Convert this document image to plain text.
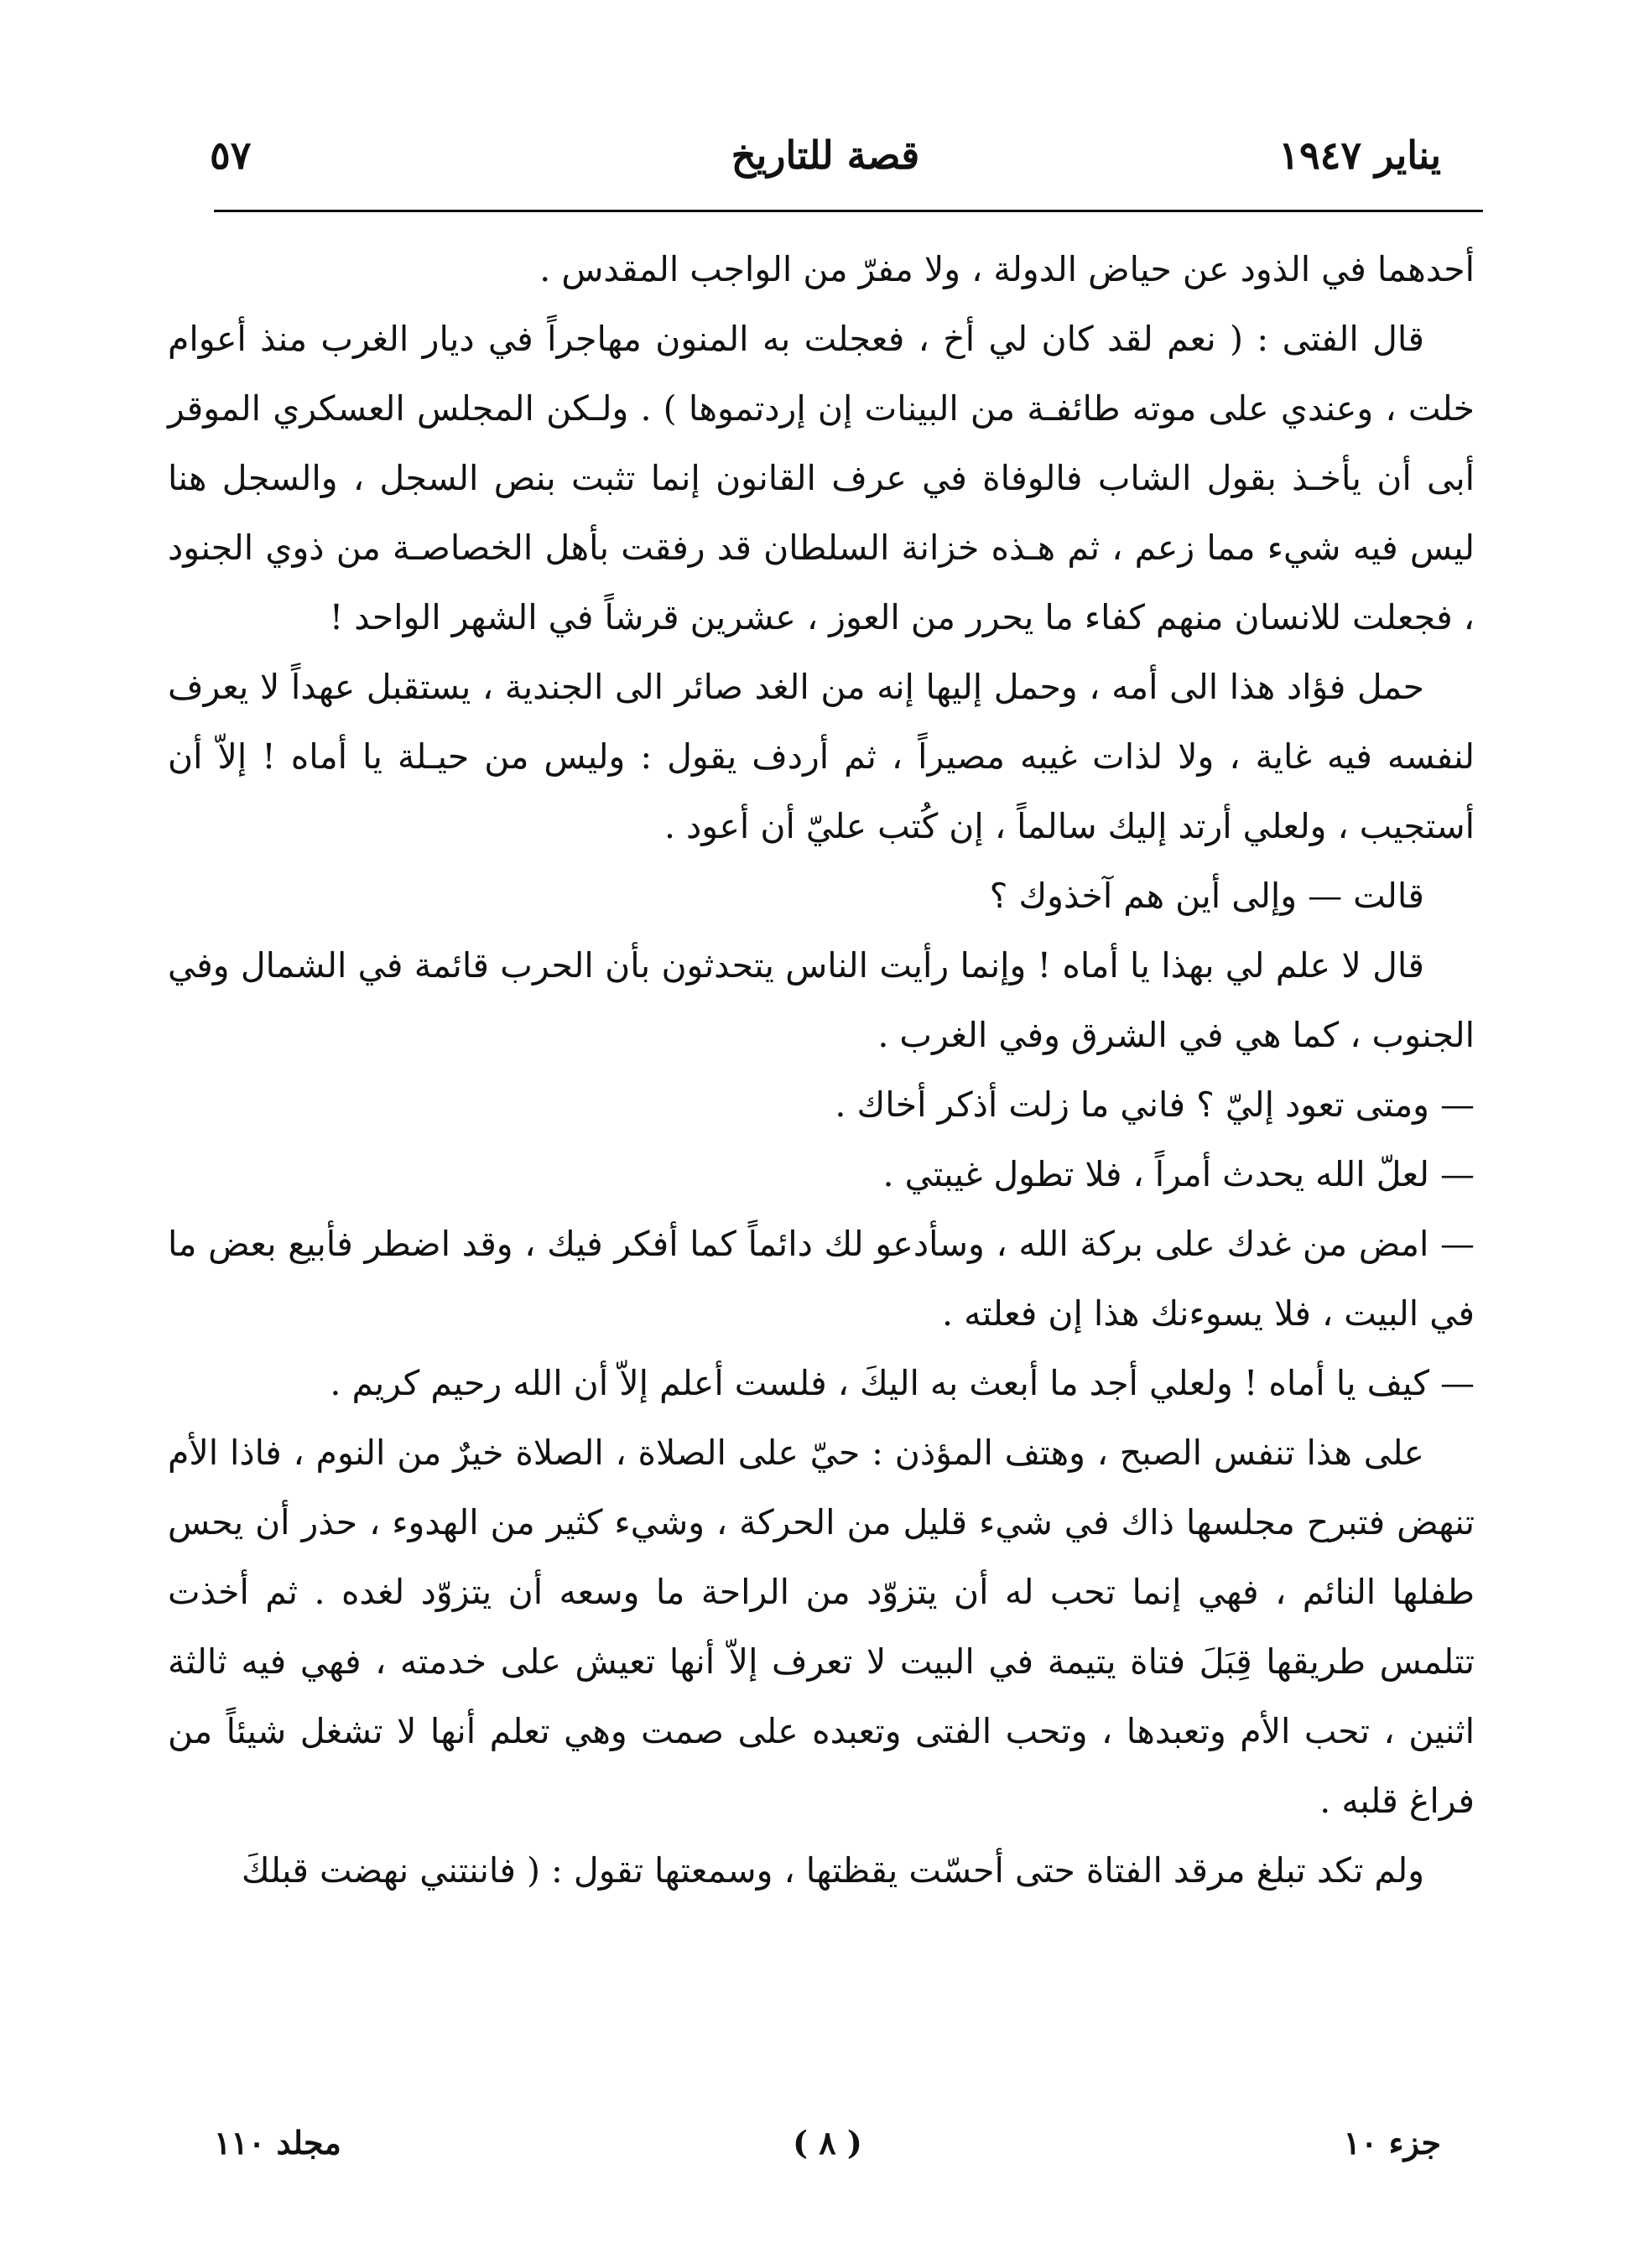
يناير ١٩٤٧
قصة للتاريخ
٥٧

أحدهما في الذود عن حياض الدولة ، ولا مفرّ من الواجب المقدس .

قال الفتى : ( نعم لقد كان لي أخ ، فعجلت به المنون مهاجراً في ديار الغرب منذ أعوام خلت ، وعندي على موته طائفـة من البينات إن إردتموها ) . ولـكن المجلس العسكري الموقر أبى أن يأخـذ بقول الشاب فالوفاة في عرف القانون إنما تثبت بنص السجل ، والسجل هنا ليس فيه شيء مما زعم ، ثم هـذه خزانة السلطان قد رفقت بأهل الخصاصـة من ذوي الجنود ، فجعلت للانسان منهم كفاء ما يحرر من العوز ، عشرين قرشاً في الشهر الواحد !

حمل فؤاد هذا الى أمه ، وحمل إليها إنه من الغد صائر الى الجندية ، يستقبل عهداً لا يعرف لنفسه فيه غاية ، ولا لذات غيبه مصيراً ، ثم أردف يقول : وليس من حيـلة يا أماه ! إلاّ أن أستجيب ، ولعلي أرتد إليك سالماً ، إن كُتب عليّ أن أعود .

قالت — وإلى أين هم آخذوك ؟

قال لا علم لي بهذا يا أماه ! وإنما رأيت الناس يتحدثون بأن الحرب قائمة في الشمال وفي الجنوب ، كما هي في الشرق وفي الغرب .

— ومتى تعود إليّ ؟ فاني ما زلت أذكر أخاك .

— لعلّ الله يحدث أمراً ، فلا تطول غيبتي .

— امض من غدك على بركة الله ، وسأدعو لك دائماً كما أفكر فيك ، وقد اضطر فأبيع بعض ما في البيت ، فلا يسوءنك هذا إن فعلته .

— كيف يا أماه ! ولعلي أجد ما أبعث به اليكَ ، فلست أعلم إلاّ أن الله رحيم كريم .

على هذا تنفس الصبح ، وهتف المؤذن : حيّ على الصلاة ، الصلاة خيرٌ من النوم ، فاذا الأم تنهض فتبرح مجلسها ذاك في شيء قليل من الحركة ، وشيء كثير من الهدوء ، حذر أن يحس طفلها النائم ، فهي إنما تحب له أن يتزوّد من الراحة ما وسعه أن يتزوّد لغده . ثم أخذت تتلمس طريقها قِبَلَ فتاة يتيمة في البيت لا تعرف إلاّ أنها تعيش على خدمته ، فهي فيه ثالثة اثنين ، تحب الأم وتعبدها ، وتحب الفتى وتعبده على صمت وهي تعلم أنها لا تشغل شيئاً من فراغ قلبه .

ولم تكد تبلغ مرقد الفتاة حتى أحسّت يقظتها ، وسمعتها تقول : ( فاننتني نهضت قبلكَ

جزء ١٠
( ٨ )
مجلد ١١٠
